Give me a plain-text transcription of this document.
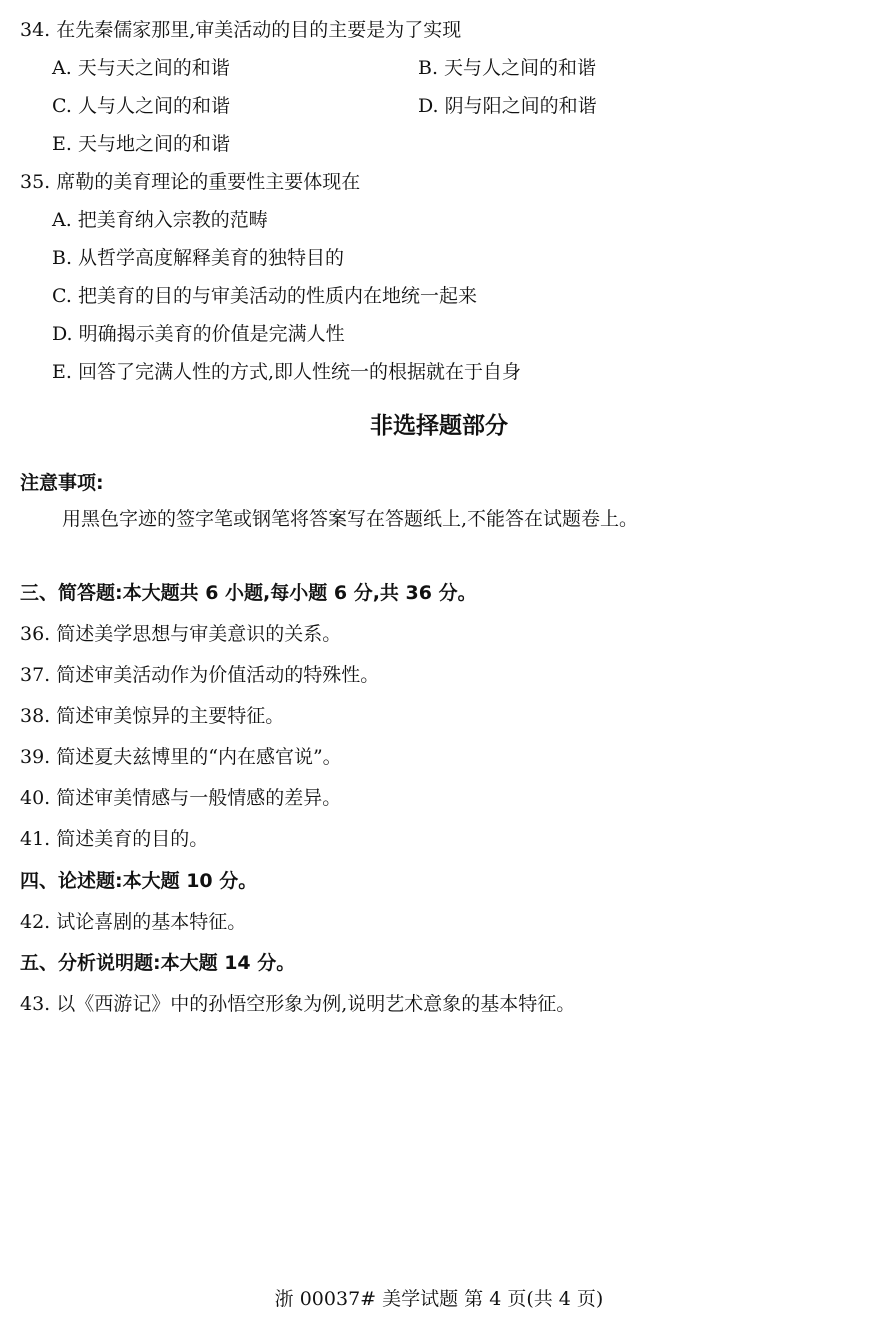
34. 在先秦儒家那里,审美活动的目的主要是为了实现
A. 天与天之间的和谐	B. 天与人之间的和谐
C. 人与人之间的和谐	D. 阴与阳之间的和谐
E. 天与地之间的和谐
35. 席勒的美育理论的重要性主要体现在
A. 把美育纳入宗教的范畴
B. 从哲学高度解释美育的独特目的
C. 把美育的目的与审美活动的性质内在地统一起来
D. 明确揭示美育的价值是完满人性
E. 回答了完满人性的方式,即人性统一的根据就在于自身
非选择题部分
注意事项:
用黑色字迹的签字笔或钢笔将答案写在答题纸上,不能答在试题卷上。
三、简答题:本大题共 6 小题,每小题 6 分,共 36 分。
36. 简述美学思想与审美意识的关系。
37. 简述审美活动作为价值活动的特殊性。
38. 简述审美惊异的主要特征。
39. 简述夏夫兹博里的“内在感官说”。
40. 简述审美情感与一般情感的差异。
41. 简述美育的目的。
四、论述题:本大题 10 分。
42. 试论喜剧的基本特征。
五、分析说明题:本大题 14 分。
43. 以《西游记》中的孙悟空形象为例,说明艺术意象的基本特征。
浙 00037# 美学试题 第 4 页(共 4 页)
